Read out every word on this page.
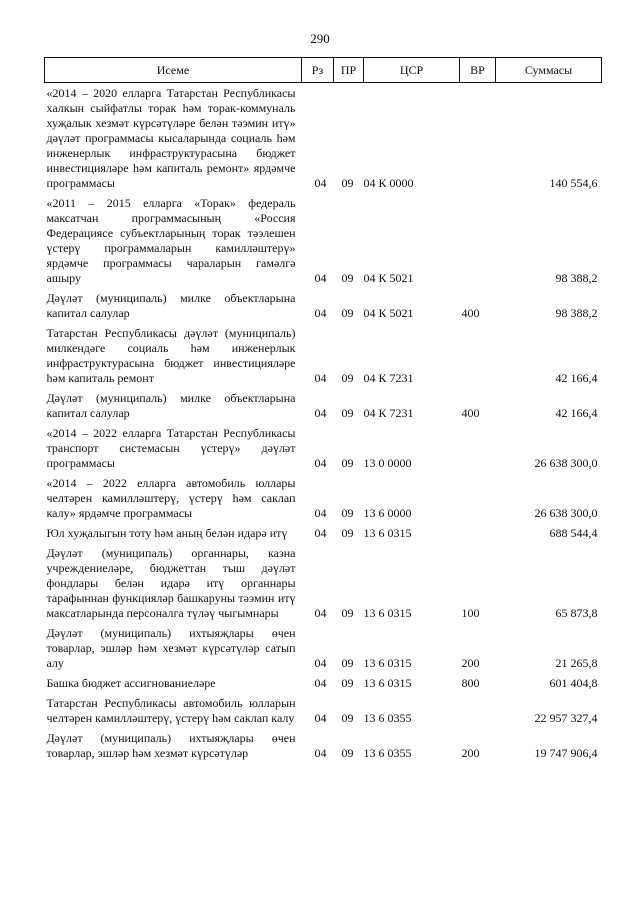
290
Исеме	Рз	ПР	ЦСР	ВР	Суммасы
«2014 – 2020 елларга Татарстан Республикасы халкын сыйфатлы торак һәм торак-коммуналь хуҗалык хезмәт күрсәтүләре белән тәэмин итү» дәүләт программасы кысаларында социаль һәм инженерлык инфраструктурасына бюджет инвестицияләре һәм капиталь ремонт» ярдәмче программасы	04	09	04 К 0000		140 554,6
«2011 – 2015 елларга «Торак» федераль максатчан программасының «Россия Федерациясе субъектларының торак тәэлешен үстерү программаларын камилләштерү» ярдәмче программасы чараларын гамәлгә ашыру	04	09	04 К 5021		98 388,2
Дәүләт (муниципаль) милке объектларына капитал салулар	04	09	04 К 5021	400	98 388,2
Татарстан Республикасы дәүләт (муниципаль) милкендәге социаль һәм инженерлык инфраструктурасына бюджет инвестицияләре һәм капиталь ремонт	04	09	04 К 7231		42 166,4
Дәүләт (муниципаль) милке объектларына капитал салулар	04	09	04 К 7231	400	42 166,4
«2014 – 2022 елларга Татарстан Республикасы транспорт системасын үстерү» дәүләт программасы	04	09	13 0 0000		26 638 300,0
«2014 – 2022 елларга автомобиль юллары челтәрен камилләштерү, үстерү һәм саклап калу» ярдәмче программасы	04	09	13 6 0000		26 638 300,0
Юл хуҗалыгын тоту һәм аның белән идарә итү	04	09	13 6 0315		688 544,4
Дәүләт (муниципаль) органнары, казна учреждениеләре, бюджеттан тыш дәүләт фондлары белән идарә итү органнары тарафыннан функцияләр башкаруны тәэмин итү максатларында персоналга түләү чыгымнары	04	09	13 6 0315	100	65 873,8
Дәүләт (муниципаль) ихтыяҗлары өчен товарлар, эшләр һәм хезмәт күрсәтүләр сатып алу	04	09	13 6 0315	200	21 265,8
Башка бюджет ассигнованиеләре	04	09	13 6 0315	800	601 404,8
Татарстан Республикасы автомобиль юлларын челтәрен камилләштерү, үстерү һәм саклап калу	04	09	13 6 0355		22 957 327,4
Дәүләт (муниципаль) ихтыяҗлары өчен товарлар, эшләр һәм хезмәт күрсәтүләр	04	09	13 6 0355	200	19 747 906,4
